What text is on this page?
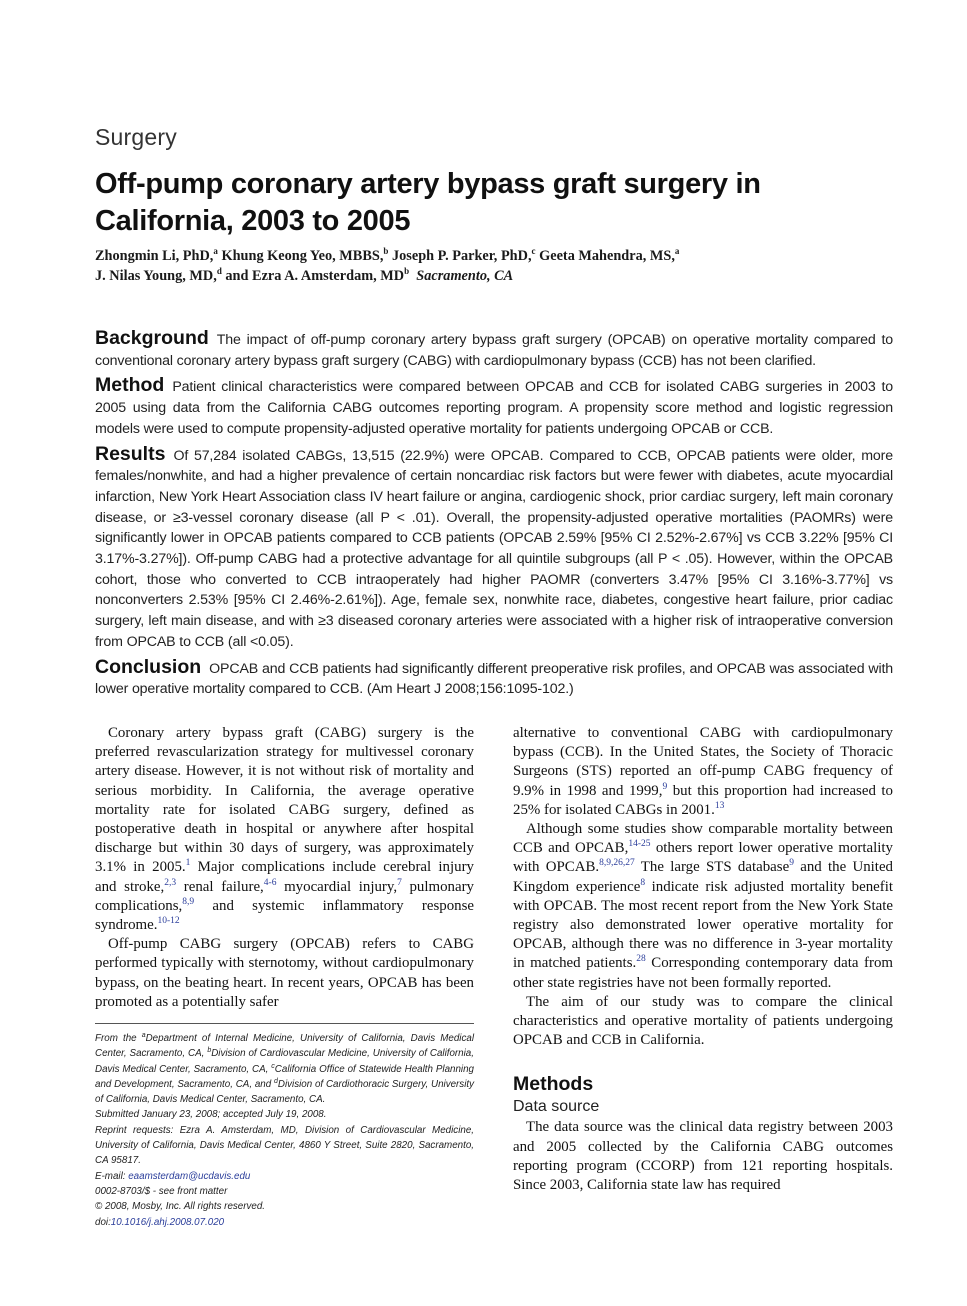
Surgery
Off-pump coronary artery bypass graft surgery in California, 2003 to 2005

Zhongmin Li, PhD,$^a$ Khung Keong Yeo, MBBS,$^b$ Joseph P. Parker, PhD,$^c$ Geeta Mahendra, MS,$^a$
J. Nilas Young, MD,$^d$ and Ezra A. Amsterdam, $MD^b$ Sacramento, CA

Background The impact of off-pump coronary artery bypass graft surgery (OPCAB) on operative mortality compared to conventional coronary artery bypass graft surgery (CABG) with cardiopulmonary bypass (CCB) has not been clarified.

Method Patient clinical characteristics were compared between OPCAB and CCB for isolated CABG surgeries in 2003 to 2005 using data from the California CABG outcomes reporting program. A propensity score method and logistic regression models were used to compute propensity-adjusted operative mortality for patients undergoing OPCAB or CCB.

Results Of 57,284 isolated CABGs, 13,515 (22.9%) were OPCAB. Compared to CCB, OPCAB patients were older, more females/nonwhite, and had a higher prevalence of certain noncardiac risk factors but were fewer with diabetes, acute myocardial infarction, New York Heart Association class IV heart failure or angina, cardiogenic shock, prior cardiac surgery, left main coronary disease, or ≥3-vessel coronary disease (all P < .01). Overall, the propensity-adjusted operative mortalities (PAOMRs) were significantly lower in OPCAB patients compared to CCB patients (OPCAB 2.59% [95% CI 2.52%-2.67%] vs CCB 3.22% [95% CI 3.17%-3.27%]). Off-pump CABG had a protective advantage for all quintile subgroups (all P < .05). However, within the OPCAB cohort, those who converted to CCB intraoperately had higher PAOMR (converters 3.47% [95% CI 3.16%-3.77%] vs nonconverters 2.53% [95% CI 2.46%-2.61%]). Age, female sex, nonwhite race, diabetes, congestive heart failure, prior cadiac surgery, left main disease, and with ≥3 diseased coronary arteries were associated with a higher risk of intraoperative conversion from OPCAB to CCB (all <0.05).

Conclusion OPCAB and CCB patients had significantly different preoperative risk profiles, and OPCAB was associated with lower operative mortality compared to CCB. (Am Heart J 2008;156:1095-102.)

Coronary artery bypass graft (CABG) surgery is the preferred revascularization strategy for multivessel coronary artery disease. However, it is not without risk of mortality and serious morbidity. In California, the average operative mortality rate for isolated CABG surgery, defined as postoperative death in hospital or anywhere after hospital discharge but within 30 days of surgery, was approximately 3.1% in 2005.$^1$ Major complications include cerebral injury and stroke,$^{2,3}$ renal failure,$^{4-6}$ myocardial injury,$^7$ pulmonary complications,$^{8,9}$ and systemic inflammatory response syndrome.$^{10-12}$

Off-pump CABG surgery (OPCAB) refers to CABG performed typically with sternotomy, without cardiopulmonary bypass, on the beating heart. In recent years, OPCAB has been promoted as a potentially safer

From the $^a$Department of Internal Medicine, University of California, Davis Medical Center, Sacramento, CA, $^b$Division of Cardiovascular Medicine, University of California, Davis Medical Center, Sacramento, CA, $^c$California Office of Statewide Health Planning and Development, Sacramento, CA, and $^d$Division of Cardiothoracic Surgery, University of California, Davis Medical Center, Sacramento, CA.

Submitted January 23, 2008; accepted July 19, 2008.

Reprint requests: Ezra A. Amsterdam, MD, Division of Cardiovascular Medicine, University of California, Davis Medical Center, 4860 Y Street, Suite 2820, Sacramento, CA 95817.

E-mail: eaamsterdam@ucdavis.edu

0002-8703/$ - see front matter

© 2008, Mosby, Inc. All rights reserved.

doi:10.1016/j.ahj.2008.07.020

alternative to conventional CABG with cardiopulmonary bypass (CCB). In the United States, the Society of Thoracic Surgeons (STS) reported an off-pump CABG frequency of 9.9% in 1998 and 1999,$^9$ but this proportion had increased to 25% for isolated CABGs in 2001.13

Although some studies show comparable mortality between CCB and OPCAB,$^{14-25}$ others report lower operative mortality with OPCAB.$^{8,9,26,27}$ The large STS database$^9$ and the United Kingdom experience$^8$ indicate risk adjusted mortality benefit with OPCAB. The most recent report from the New York State registry also demonstrated lower operative mortality for OPCAB, although there was no difference in 3-year mortality in matched patients.$^{28}$ Corresponding contemporary data from other state registries have not been formally reported.

The aim of our study was to compare the clinical characteristics and operative mortality of patients undergoing OPCAB and CCB in California.

Methods
Data source

The data source was the clinical data registry between 2003 and 2005 collected by the California CABG outcomes reporting program (CCORP) from 121 reporting hospitals. Since 2003, California state law has required
